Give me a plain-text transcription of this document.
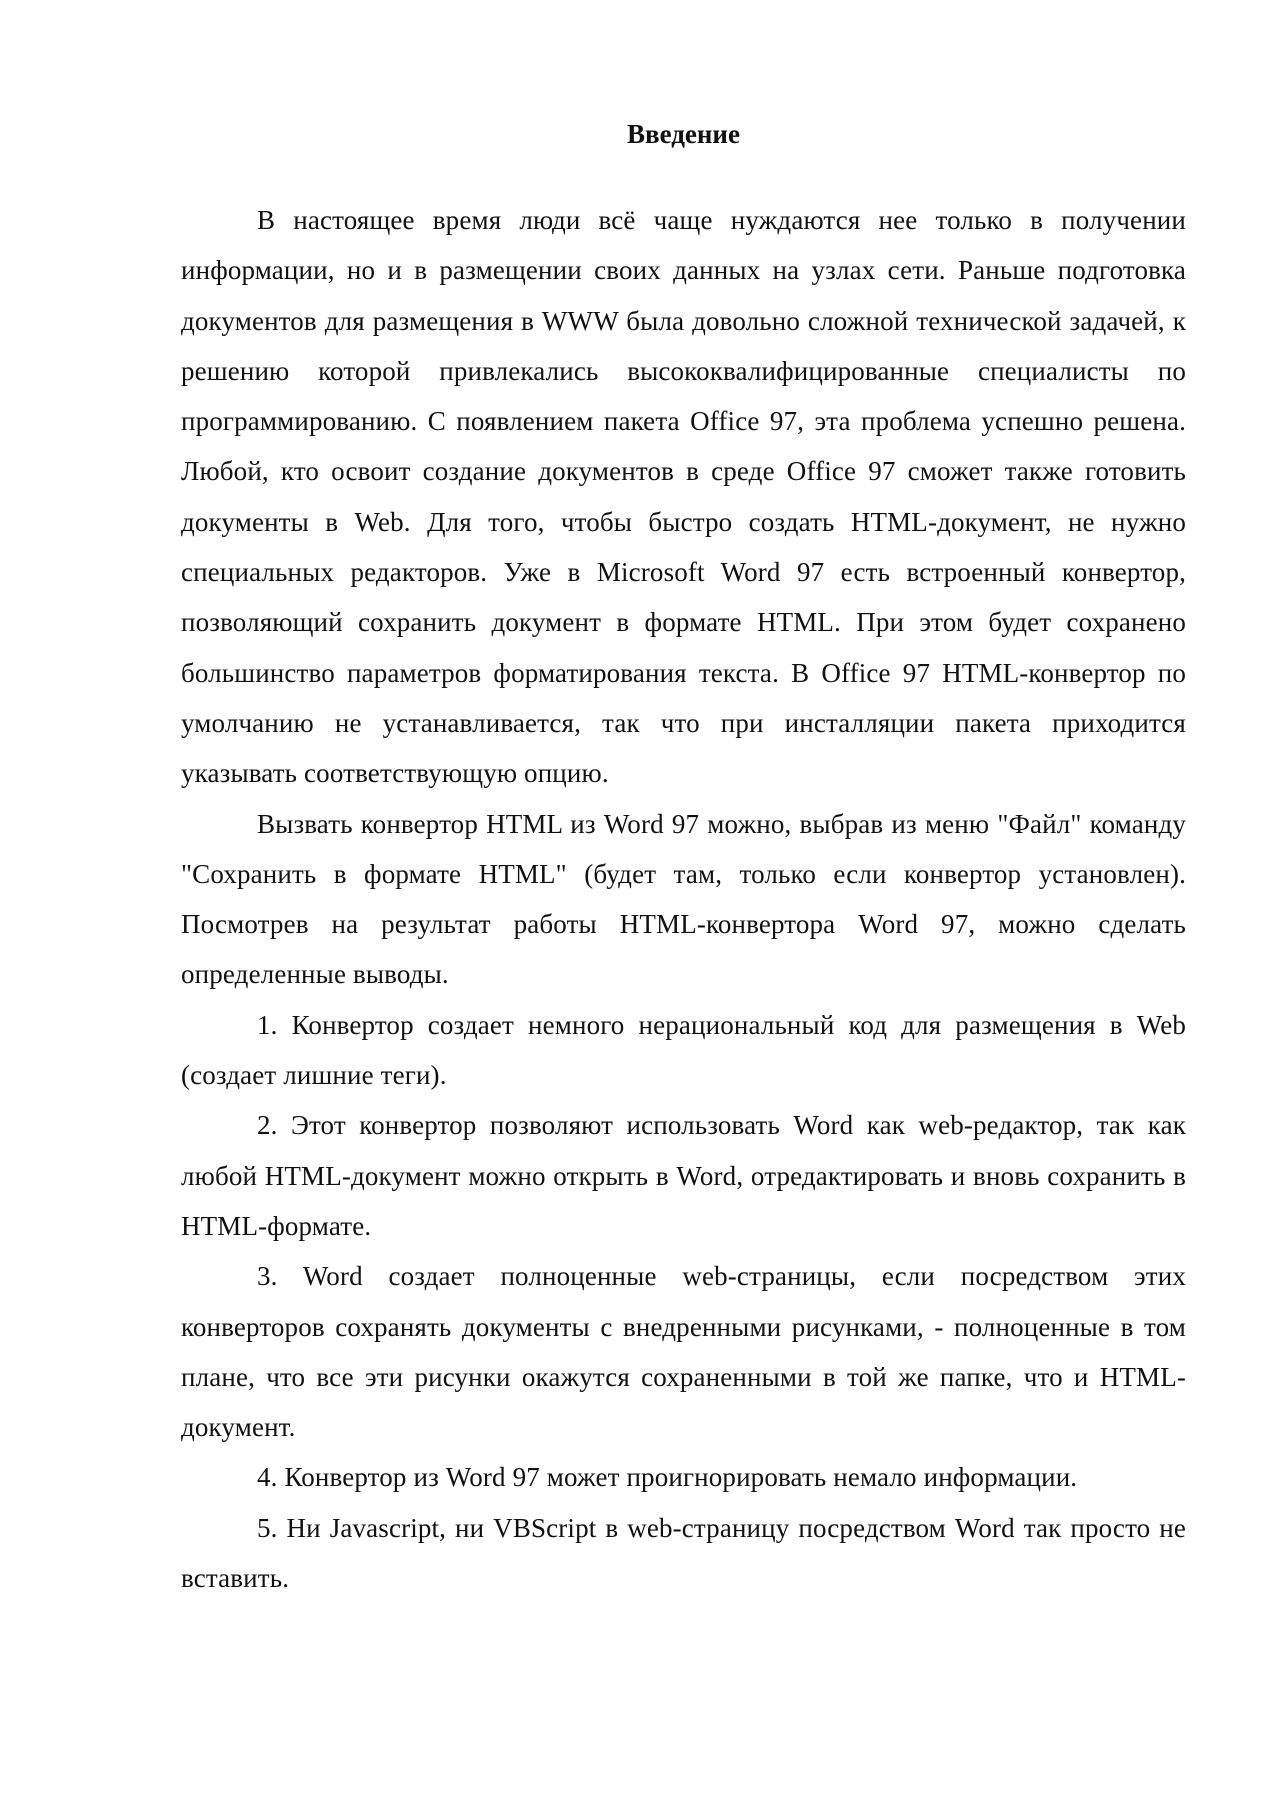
Введение

В настоящее время люди всё чаще нуждаются нее только в получении информации, но и в размещении своих данных на узлах сети. Раньше подготовка документов для размещения в WWW была довольно сложной технической задачей, к решению которой привлекались высококвалифицированные специалисты по программированию. С появлением пакета Office 97, эта проблема успешно решена. Любой, кто освоит создание документов в среде Office 97 сможет также готовить документы в Web. Для того, чтобы быстро создать HTML-документ, не нужно специальных редакторов. Уже в Microsoft Word 97 есть встроенный конвертор, позволяющий сохранить документ в формате HTML. При этом будет сохранено большинство параметров форматирования текста. В Office 97 HTML-конвертор по умолчанию не устанавливается, так что при инсталляции пакета приходится указывать соответствующую опцию.

Вызвать конвертор HTML из Word 97 можно, выбрав из меню "Файл" команду "Сохранить в формате HTML" (будет там, только если конвертор установлен). Посмотрев на результат работы HTML-конвертора Word 97, можно сделать определенные выводы.

1. Конвертор создает немного нерациональный код для размещения в Web (создает лишние теги).

2. Этот конвертор позволяют использовать Word как web-редактор, так как любой HTML-документ можно открыть в Word, отредактировать и вновь сохранить в HTML-формате.

3. Word создает полноценные web-страницы, если посредством этих конверторов сохранять документы с внедренными рисунками, - полноценные в том плане, что все эти рисунки окажутся сохраненными в той же папке, что и HTML-документ.

4. Конвертор из Word 97 может проигнорировать немало информации.

5. Ни Javascript, ни VBScript в web-страницу посредством Word так просто не вставить.
